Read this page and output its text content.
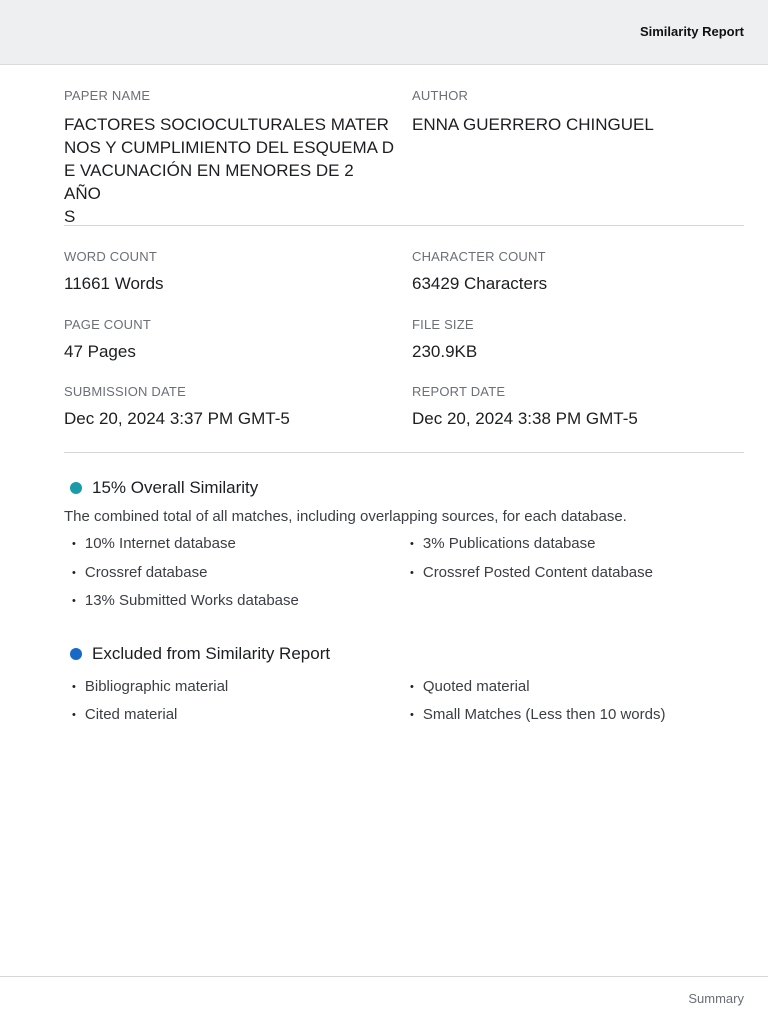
Similarity Report
PAPER NAME
FACTORES SOCIOCULTURALES MATER
NOS Y CUMPLIMIENTO DEL ESQUEMA D
E VACUNACIÓN EN MENORES DE 2 AÑO
S
AUTHOR
ENNA GUERRERO CHINGUEL
WORD COUNT
11661 Words
CHARACTER COUNT
63429 Characters
PAGE COUNT
47 Pages
FILE SIZE
230.9KB
SUBMISSION DATE
Dec 20, 2024 3:37 PM GMT-5
REPORT DATE
Dec 20, 2024 3:38 PM GMT-5
15% Overall Similarity
The combined total of all matches, including overlapping sources, for each database.
• 10% Internet database	• 3% Publications database
• Crossref database	• Crossref Posted Content database
• 13% Submitted Works database
Excluded from Similarity Report
• Bibliographic material	• Quoted material
• Cited material	• Small Matches (Less then 10 words)
Summary
